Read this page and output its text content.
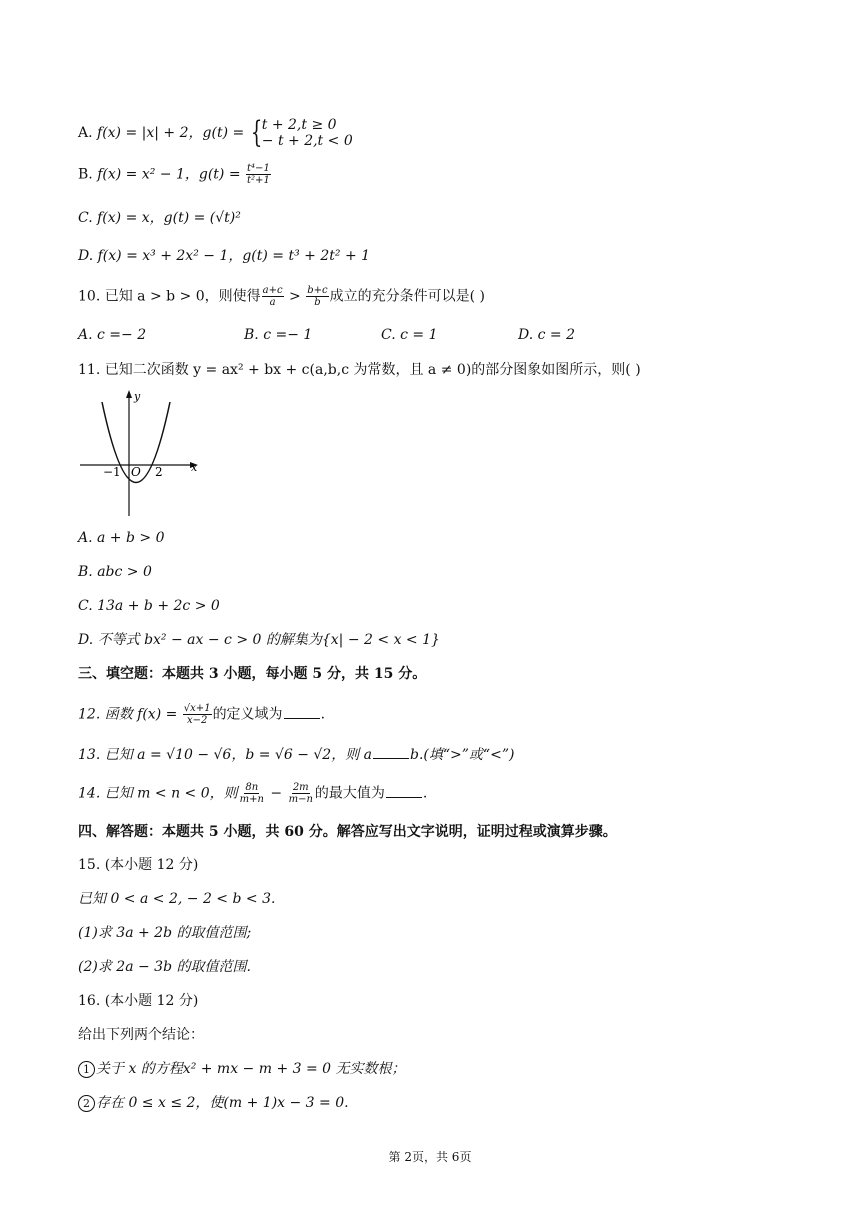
A. f(x) = |x| + 2，g(t) = { t + 2,t ≥ 0
− t + 2,t < 0
B. f(x) = x² − 1，$g(t) = \frac{\text{t⁴−1}}{\text{t²+1}}$
C. f(x) = x，g(t) = (√t)²
D. f(x) = x³ + 2x² − 1，g(t) = t³ + 2t² + 1
10. 已知 a > b > 0，则使得 $\frac{a+c}{a} > \frac{b+c}{b}$ 成立的充分条件可以是( )
A. c =− 2	B. c =− 1	C. c = 1	D. c = 2
11. 已知二次函数 y = ax² + bx + c(a,b,c 为常数，且 a ≠ 0)的部分图象如图所示，则( )
y
x
O
−1	2
A. a + b > 0
B. abc > 0
C. 13a + b + 2c > 0
D. 不等式 bx² − ax − c > 0 的解集为{x| − 2 < x < 1}
三、填空题：本题共 3 小题，每小题 5 分，共 15 分。
12. 函数 $f(x) = \frac{√x+1}{x-2}$ 的定义域为	.
13. 已知 a = √10 − √6，b = √6 − √2，则 a	b.(填“>”或“<”)
14. 已知 m < n < 0，则 $\frac{8n}{m+n} - \frac{2m}{m-n}$ 的最大值为	.
四、解答题：本题共 5 小题，共 60 分。解答应写出文字说明，证明过程或演算步骤。
15. (本小题 12 分)
已知 0 < a < 2, − 2 < b < 3.
(1)求 3a + 2b 的取值范围;
(2)求 2a − 3b 的取值范围.
16. (本小题 12 分)
给出下列两个结论：
1 关于 x 的方程x² + mx − m + 3 = 0 无实数根；
2 存在 0 ≤ x ≤ 2，使(m + 1)x − 3 = 0.
第 2页，共 6页
